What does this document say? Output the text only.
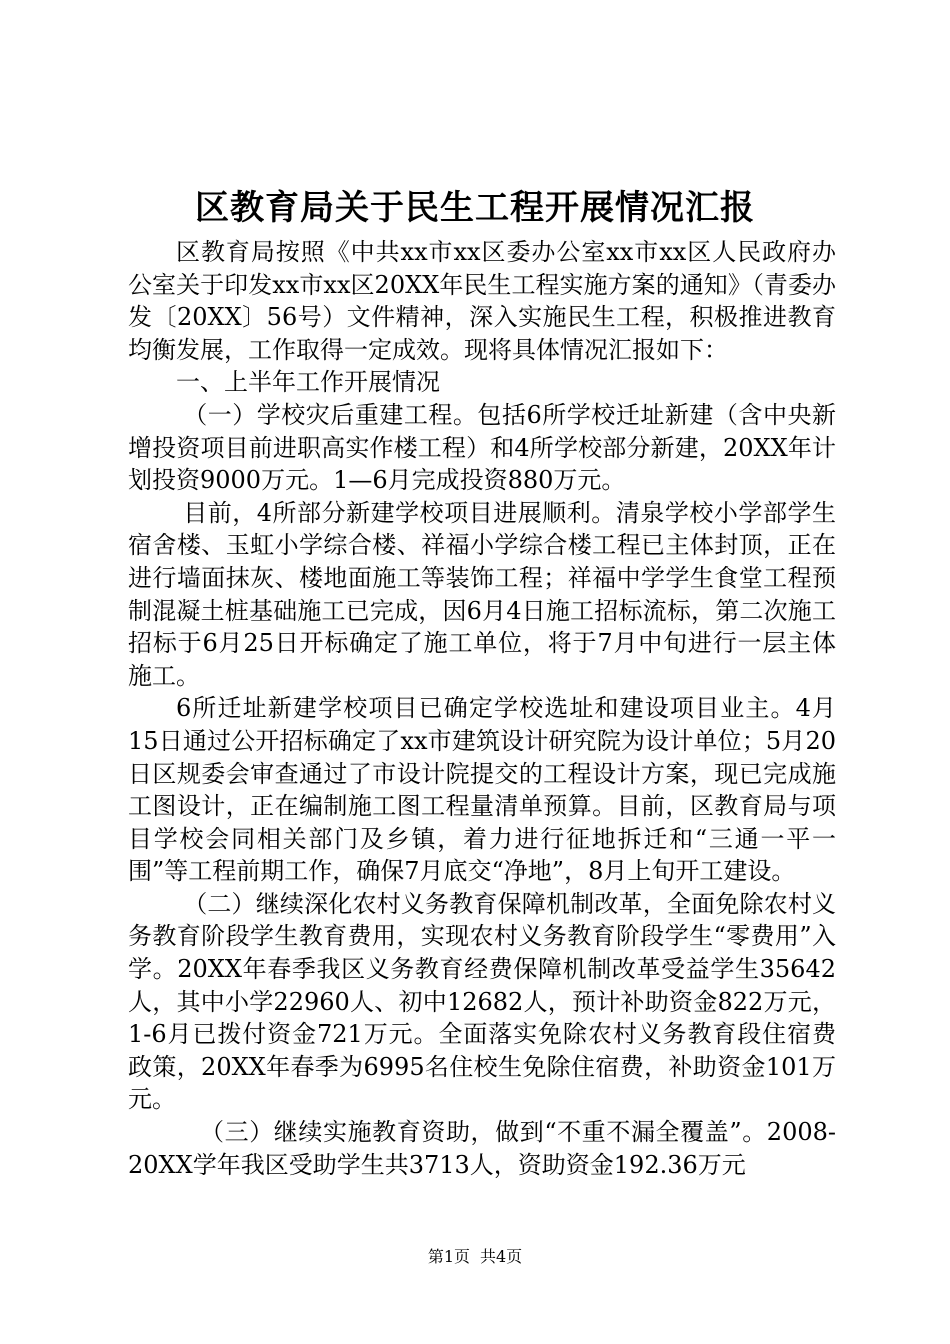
区教育局关于民生工程开展情况汇报

区教育局按照《中共xx市xx区委办公室xx市xx区人民政府办公室关于印发xx市xx区20XX年民生工程实施方案的通知》（青委办发〔20XX〕56号）文件精神，深入实施民生工程，积极推进教育均衡发展，工作取得一定成效。现将具体情况汇报如下：

一、上半年工作开展情况

（一）学校灾后重建工程。包括6所学校迁址新建（含中央新增投资项目前进职高实作楼工程）和4所学校部分新建，20XX年计划投资9000万元。1—6月完成投资880万元。

目前，4所部分新建学校项目进展顺利。清泉学校小学部学生宿舍楼、玉虹小学综合楼、祥福小学综合楼工程已主体封顶，正在进行墙面抹灰、楼地面施工等装饰工程；祥福中学学生食堂工程预制混凝土桩基础施工已完成，因6月4日施工招标流标，第二次施工招标于6月25日开标确定了施工单位，将于7月中旬进行一层主体施工。

6所迁址新建学校项目已确定学校选址和建设项目业主。4月15日通过公开招标确定了xx市建筑设计研究院为设计单位；5月20日区规委会审查通过了市设计院提交的工程设计方案，现已完成施工图设计，正在编制施工图工程量清单预算。目前，区教育局与项目学校会同相关部门及乡镇，着力进行征地拆迁和“三通一平一围”等工程前期工作，确保7月底交“净地”，8月上旬开工建设。

（二）继续深化农村义务教育保障机制改革，全面免除农村义务教育阶段学生教育费用，实现农村义务教育阶段学生“零费用”入学。20XX年春季我区义务教育经费保障机制改革受益学生35642人，其中小学22960人、初中12682人，预计补助资金822万元，1-6月已拨付资金721万元。全面落实免除农村义务教育段住宿费政策，20XX年春季为6995名住校生免除住宿费，补助资金101万元。

（三）继续实施教育资助，做到“不重不漏全覆盖”。2008-20XX学年我区受助学生共3713人，资助资金192.36万元

第1页 共4页
